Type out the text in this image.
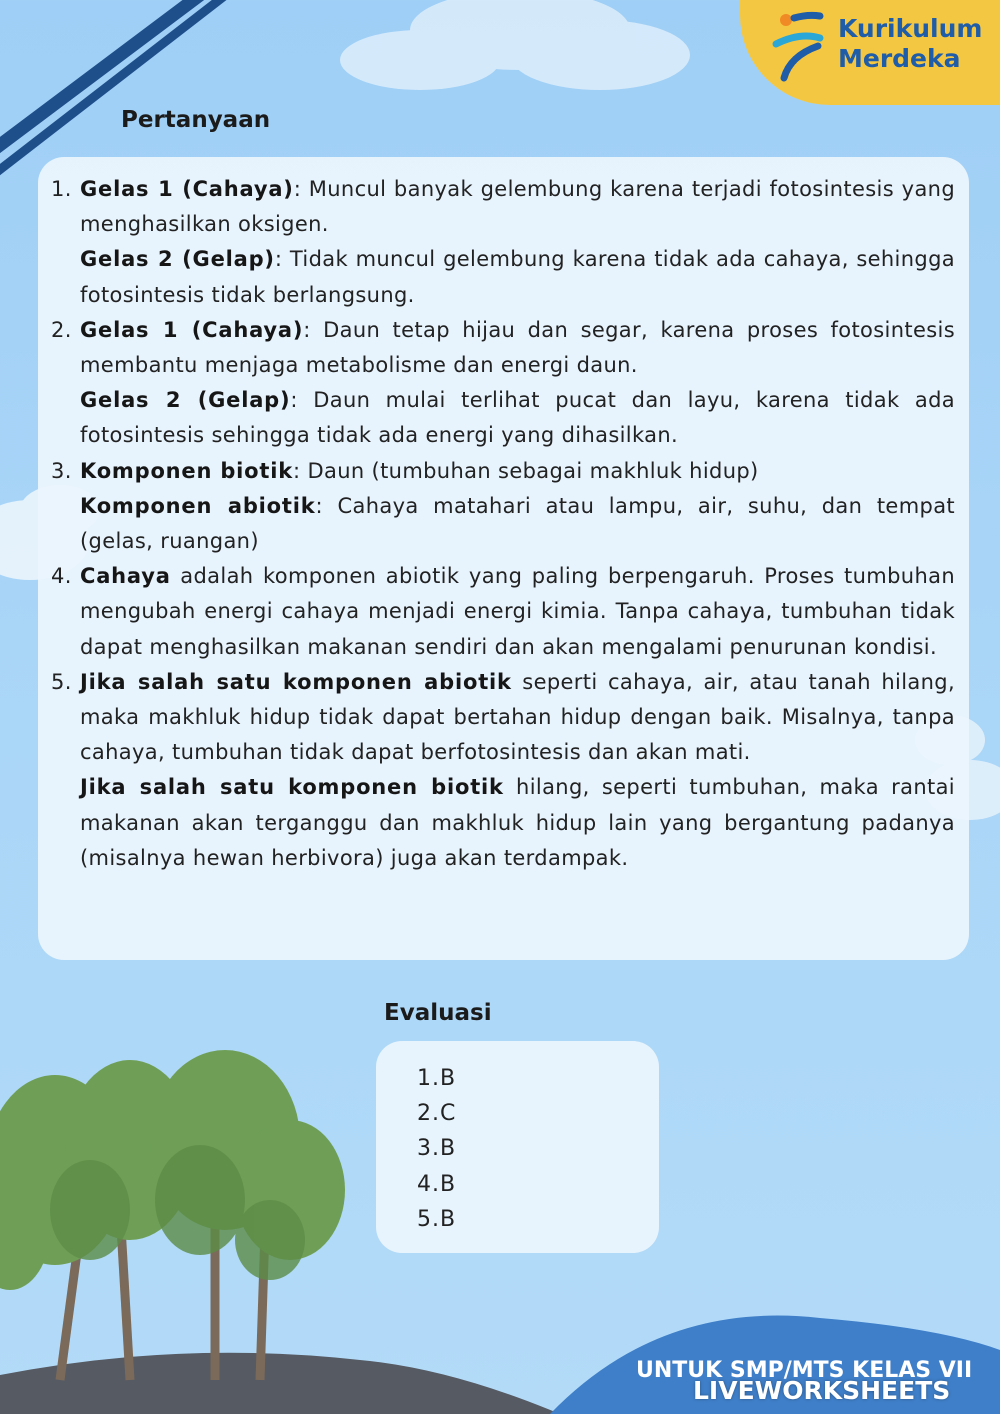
Kurikulum
Merdeka
Pertanyaan
1. Gelas 1 (Cahaya): Muncul banyak gelembung karena terjadi fotosintesis yang menghasilkan oksigen.

Gelas 2 (Gelap): Tidak muncul gelembung karena tidak ada cahaya, sehingga fotosintesis tidak berlangsung.

2. Gelas 1 (Cahaya): Daun tetap hijau dan segar, karena proses fotosintesis membantu menjaga metabolisme dan energi daun.

Gelas 2 (Gelap): Daun mulai terlihat pucat dan layu, karena tidak ada fotosintesis sehingga tidak ada energi yang dihasilkan.

3. Komponen biotik: Daun (tumbuhan sebagai makhluk hidup)

Komponen abiotik: Cahaya matahari atau lampu, air, suhu, dan tempat (gelas, ruangan)

4. Cahaya adalah komponen abiotik yang paling berpengaruh. Proses tumbuhan mengubah energi cahaya menjadi energi kimia. Tanpa cahaya, tumbuhan tidak dapat menghasilkan makanan sendiri dan akan mengalami penurunan kondisi.

5. Jika salah satu komponen abiotik seperti cahaya, air, atau tanah hilang, maka makhluk hidup tidak dapat bertahan hidup dengan baik. Misalnya, tanpa cahaya, tumbuhan tidak dapat berfotosintesis dan akan mati.

Jika salah satu komponen biotik hilang, seperti tumbuhan, maka rantai makanan akan terganggu dan makhluk hidup lain yang bergantung padanya (misalnya hewan herbivora) juga akan terdampak.

Evaluasi
1.B
2.C
3.B
4.B
5.B
UNTUK SMP/MTS KELAS VII
LIVEWORKSHEETS
